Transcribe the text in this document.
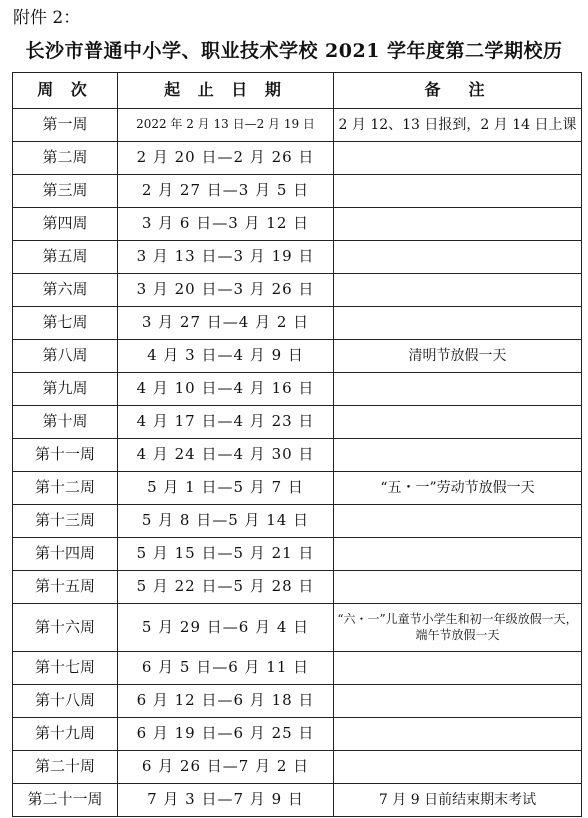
附件 2：
长沙市普通中小学、职业技术学校 2021 学年度第二学期校历
周 次	起 止 日 期	备　注
第一周	2022 年 2 月 13 日—2 月 19 日	2 月 12、13 日报到，2 月 14 日上课
第二周	2 月 20 日—2 月 26 日	
第三周	2 月 27 日—3 月 5 日	
第四周	3 月 6 日—3 月 12 日	
第五周	3 月 13 日—3 月 19 日	
第六周	3 月 20 日—3 月 26 日	
第七周	3 月 27 日—4 月 2 日	
第八周	4 月 3 日—4 月 9 日	清明节放假一天
第九周	4 月 10 日—4 月 16 日	
第十周	4 月 17 日—4 月 23 日	
第十一周	4 月 24 日—4 月 30 日	
第十二周	5 月 1 日—5 月 7 日	“五・一”劳动节放假一天
第十三周	5 月 8 日—5 月 14 日	
第十四周	5 月 15 日—5 月 21 日	
第十五周	5 月 22 日—5 月 28 日	
第十六周	5 月 29 日—6 月 4 日	“六・一”儿童节小学生和初一年级放假一天，端午节放假一天
第十七周	6 月 5 日—6 月 11 日	
第十八周	6 月 12 日—6 月 18 日	
第十九周	6 月 19 日—6 月 25 日	
第二十周	6 月 26 日—7 月 2 日	
第二十一周	7 月 3 日—7 月 9 日	7 月 9 日前结束期末考试
